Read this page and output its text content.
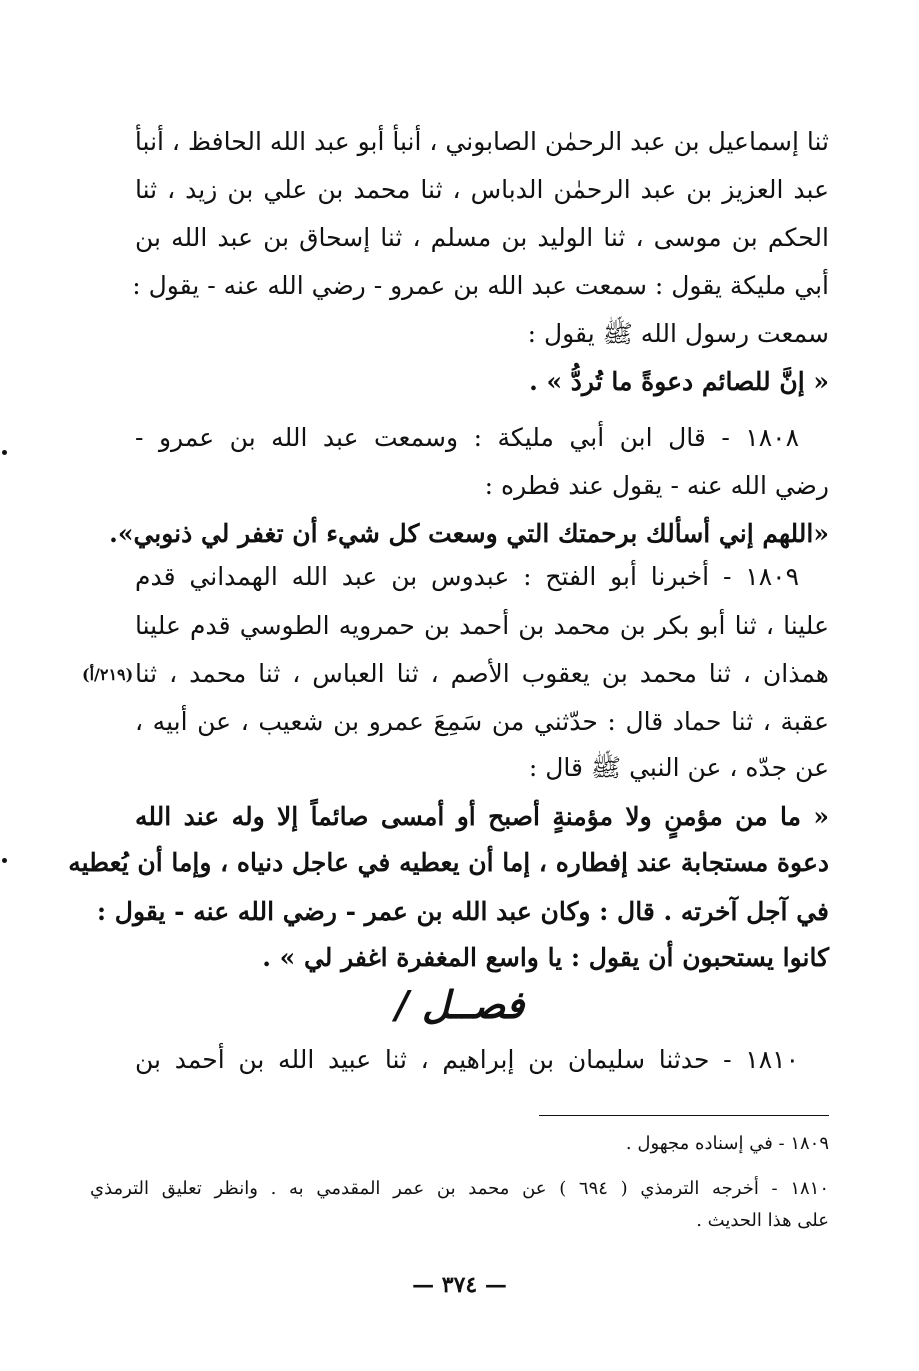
ثنا إسماعيل بن عبد الرحمٰن الصابوني ، أنبأ أبو عبد الله الحافظ ، أنبأ
عبد العزيز بن عبد الرحمٰن الدباس ، ثنا محمد بن علي بن زيد ، ثنا
الحكم بن موسى ، ثنا الوليد بن مسلم ، ثنا إسحاق بن عبد الله بن
أبي مليكة يقول : سمعت عبد الله بن عمرو - رضي الله عنه - يقول :
سمعت رسول الله ﷺ يقول :
« إنَّ للصائم دعوةً ما تُردُّ » .
١٨٠٨ - قال ابن أبي مليكة : وسمعت عبد الله بن عمرو -
رضي الله عنه - يقول عند فطره :
«اللهم إني أسألك برحمتك التي وسعت كل شيء أن تغفر لي ذنوبي».
١٨٠٩ - أخبرنا أبو الفتح : عبدوس بن عبد الله الهمداني قدم
علينا ، ثنا أبو بكر بن محمد بن أحمد بن حمرويه الطوسي قدم علينا
همذان ، ثنا محمد بن يعقوب الأصم ، ثنا العباس ، ثنا محمد ، ثنا
عقبة ، ثنا حماد قال : حدّثني من سَمِعَ عمرو بن شعيب ، عن أبيه ،
عن جدّه ، عن النبي ﷺ قال :
« ما من مؤمنٍ ولا مؤمنةٍ أصبح أو أمسى صائماً إلا وله عند الله
دعوة مستجابة عند إفطاره ، إما أن يعطيه في عاجل دنياه ، وإما أن يُعطيه
في آجل آخرته . قال : وكان عبد الله بن عمر - رضي الله عنه - يقول :
كانوا يستحبون أن يقول : يا واسع المغفرة اغفر لي » .
(٢١٩/أ)
فصــل /
١٨١٠ - حدثنا سليمان بن إبراهيم ، ثنا عبيد الله بن أحمد بن
١٨٠٩ - في إسناده مجهول .
١٨١٠ - أخرجه الترمذي ( ٦٩٤ ) عن محمد بن عمر المقدمي به . وانظر تعليق الترمذي
على هذا الحديث .
— ٣٧٤ —
